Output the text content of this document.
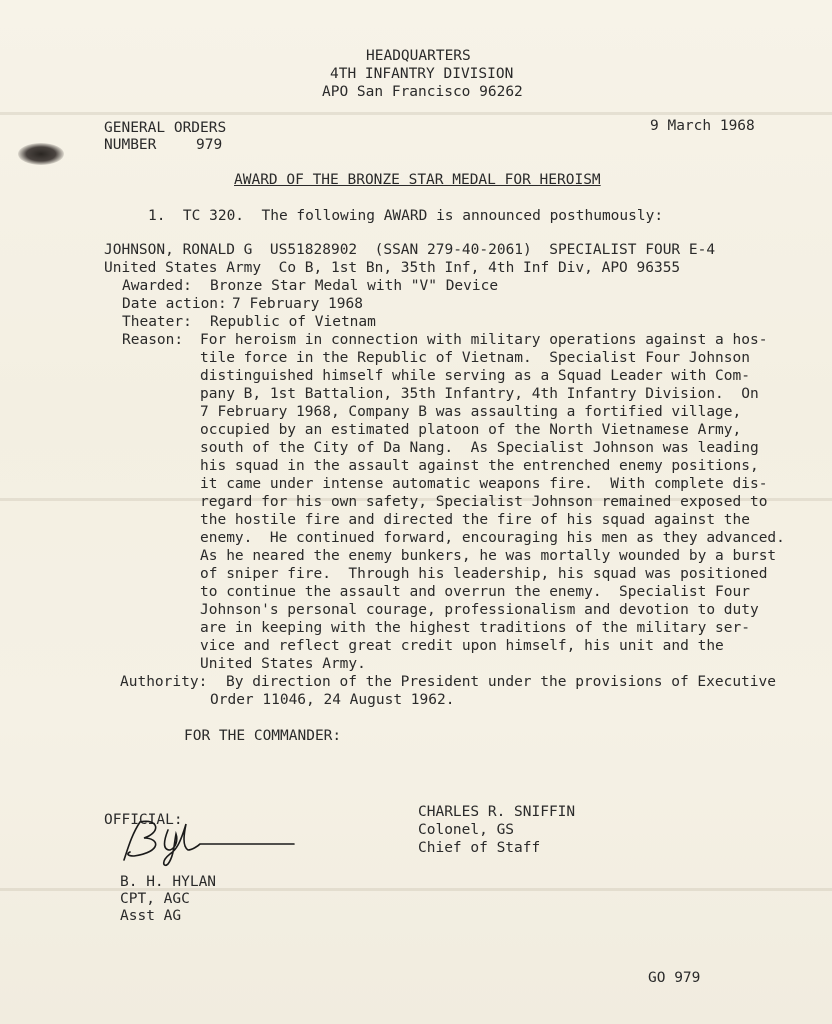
HEADQUARTERS
4TH INFANTRY DIVISION
APO San Francisco 96262
GENERAL ORDERS
NUMBER	979
9 March 1968
AWARD OF THE BRONZE STAR MEDAL FOR HEROISM
1.  TC 320.  The following AWARD is announced posthumously:
JOHNSON, RONALD G  US51828902  (SSAN 279-40-2061)  SPECIALIST FOUR E-4
United States Army  Co B, 1st Bn, 35th Inf, 4th Inf Div, APO 96355
Awarded: Bronze Star Medal with "V" Device
Date action: 7 February 1968
Theater: Republic of Vietnam
Reason: For heroism in connection with military operations against a hos-
tile force in the Republic of Vietnam.  Specialist Four Johnson
distinguished himself while serving as a Squad Leader with Com-
pany B, 1st Battalion, 35th Infantry, 4th Infantry Division.  On
7 February 1968, Company B was assaulting a fortified village,
occupied by an estimated platoon of the North Vietnamese Army,
south of the City of Da Nang.  As Specialist Johnson was leading
his squad in the assault against the entrenched enemy positions,
it came under intense automatic weapons fire.  With complete dis-
regard for his own safety, Specialist Johnson remained exposed to
the hostile fire and directed the fire of his squad against the
enemy.  He continued forward, encouraging his men as they advanced.
As he neared the enemy bunkers, he was mortally wounded by a burst
of sniper fire.  Through his leadership, his squad was positioned
to continue the assault and overrun the enemy.  Specialist Four
Johnson's personal courage, professionalism and devotion to duty
are in keeping with the highest traditions of the military ser-
vice and reflect great credit upon himself, his unit and the
United States Army.
Authority: By direction of the President under the provisions of Executive
Order 11046, 24 August 1962.
FOR THE COMMANDER:
OFFICIAL:
B. H. HYLAN
CPT, AGC
Asst AG
CHARLES R. SNIFFIN
Colonel, GS
Chief of Staff
GO 979
